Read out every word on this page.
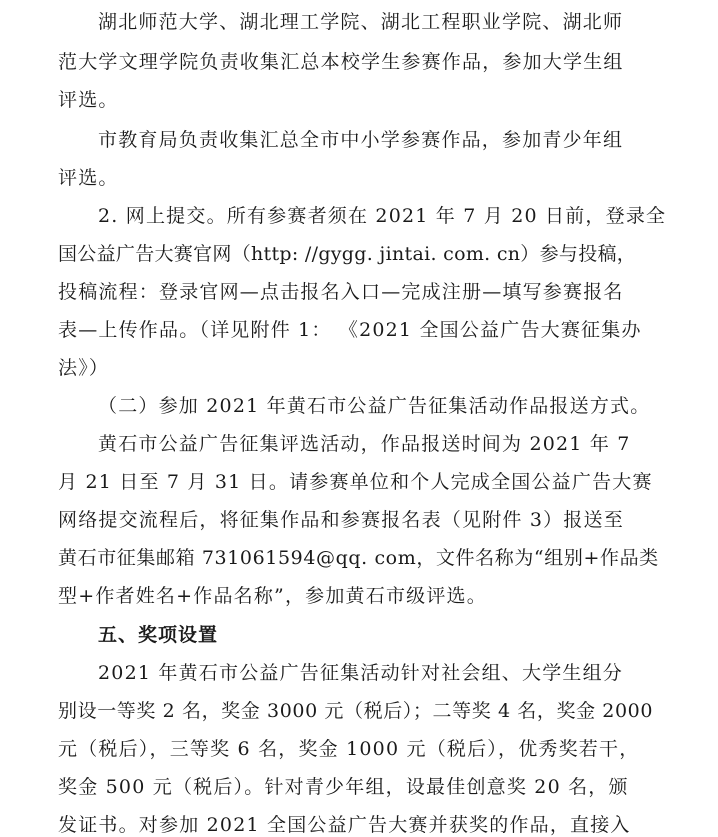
湖北师范大学、湖北理工学院、湖北工程职业学院、湖北师
范大学文理学院负责收集汇总本校学生参赛作品，参加大学生组
评选。
市教育局负责收集汇总全市中小学参赛作品，参加青少年组
评选。
2. 网上提交。所有参赛者须在 2021 年 7 月 20 日前，登录全
国公益广告大赛官网（http: //gygg. jintai. com. cn）参与投稿，
投稿流程：登录官网—点击报名入口—完成注册—填写参赛报名
表—上传作品。（详见附件 1： 《2021 全国公益广告大赛征集办
法》）
（二）参加 2021 年黄石市公益广告征集活动作品报送方式。
黄石市公益广告征集评选活动，作品报送时间为 2021 年 7
月 21 日至 7 月 31 日。请参赛单位和个人完成全国公益广告大赛
网络提交流程后，将征集作品和参赛报名表（见附件 3）报送至
黄石市征集邮箱 731061594@qq. com，文件名称为“组别+作品类
型+作者姓名+作品名称”，参加黄石市级评选。
五、奖项设置
2021 年黄石市公益广告征集活动针对社会组、大学生组分
别设一等奖 2 名，奖金 3000 元（税后）；二等奖 4 名，奖金 2000
元（税后），三等奖 6 名，奖金 1000 元（税后），优秀奖若干，
奖金 500 元（税后）。针对青少年组，设最佳创意奖 20 名，颁
发证书。对参加 2021 全国公益广告大赛并获奖的作品，直接入
